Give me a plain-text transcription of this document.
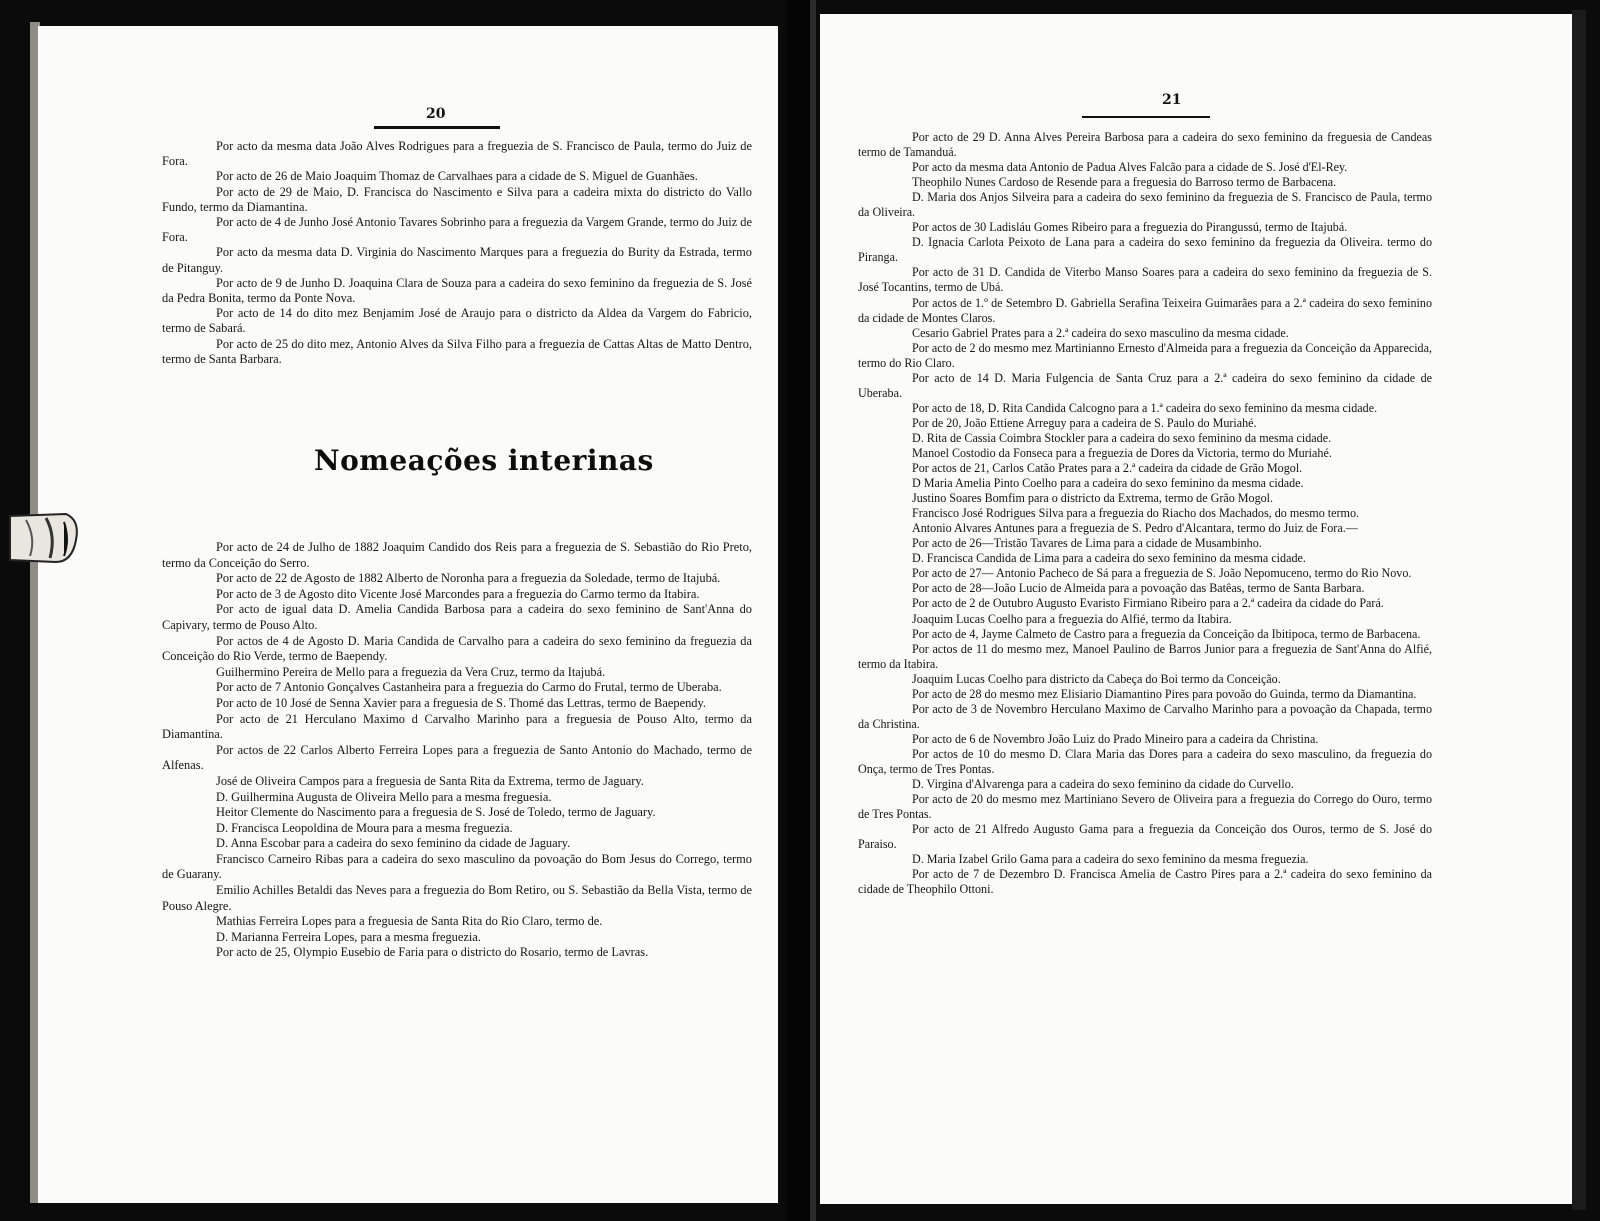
20

Por acto da mesma data João Alves Rodrigues para a freguezia de S. Francisco de Paula, termo do Juiz de Fora.

Por acto de 26 de Maio Joaquim Thomaz de Carvalhaes para a cidade de S. Miguel de Guanhães.

Por acto de 29 de Maio, D. Francisca do Nascimento e Silva para a cadeira mixta do districto do Vallo Fundo, termo da Diamantina.

Por acto de 4 de Junho José Antonio Tavares Sobrinho para a freguezia da Vargem Grande, termo do Juiz de Fora.

Por acto da mesma data D. Virginia do Nascimento Marques para a freguezia do Burity da Estrada, termo de Pitanguy.

Por acto de 9 de Junho D. Joaquina Clara de Souza para a cadeira do sexo feminino da freguezia de S. José da Pedra Bonita, termo da Ponte Nova.

Por acto de 14 do dito mez Benjamim José de Araujo para o districto da Aldea da Vargem do Fabricio, termo de Sabará.

Por acto de 25 do dito mez, Antonio Alves da Silva Filho para a freguezia de Cattas Altas de Matto Dentro, termo de Santa Barbara.

Nomeações interinas

Por acto de 24 de Julho de 1882 Joaquim Candido dos Reis para a freguezia de S. Sebastião do Rio Preto, termo da Conceição do Serro.

Por acto de 22 de Agosto de 1882 Alberto de Noronha para a freguezia da Soledade, termo de Itajubá.

Por acto de 3 de Agosto dito Vicente José Marcondes para a freguezia do Carmo termo da Itabira.

Por acto de igual data D. Amelia Candida Barbosa para a cadeira do sexo feminino de Sant'Anna do Capivary, termo de Pouso Alto.

Por actos de 4 de Agosto D. Maria Candida de Carvalho para a cadeira do sexo feminino da freguezia da Conceição do Rio Verde, termo de Baependy.

Guilhermino Pereira de Mello para a freguezia da Vera Cruz, termo da Itajubá.

Por acto de 7 Antonio Gonçalves Castanheira para a freguezia do Carmo do Frutal, termo de Uberaba.

Por acto de 10 José de Senna Xavier para a freguesia de S. Thomé das Lettras, termo de Baependy.

Por acto de 21 Herculano Maximo d Carvalho Marinho para a freguesia de Pouso Alto, termo da Diamantina.

Por actos de 22 Carlos Alberto Ferreira Lopes para a freguezia de Santo Antonio do Machado, termo de Alfenas.

José de Oliveira Campos para a freguesia de Santa Rita da Extrema, termo de Jaguary.

D. Guilhermina Augusta de Oliveira Mello para a mesma freguesia.

Heitor Clemente do Nascimento para a freguesia de S. José de Toledo, termo de Jaguary.

D. Francisca Leopoldina de Moura para a mesma freguezia.

D. Anna Escobar para a cadeira do sexo feminino da cidade de Jaguary.

Francisco Carneiro Ribas para a cadeira do sexo masculino da povoação do Bom Jesus do Corrego, termo de Guarany.

Emilio Achilles Betaldi das Neves para a freguezia do Bom Retiro, ou S. Sebastião da Bella Vista, termo de Pouso Alegre.

Mathias Ferreira Lopes para a freguesia de Santa Rita do Rio Claro, termo de.

D. Marianna Ferreira Lopes, para a mesma freguezia.

Por acto de 25, Olympio Eusebio de Faria para o districto do Rosario, termo de Lavras.

21

Por acto de 29 D. Anna Alves Pereira Barbosa para a cadeira do sexo feminino da freguesia de Candeas termo de Tamanduá.

Por acto da mesma data Antonio de Padua Alves Falcão para a cidade de S. José d'El-Rey.

Theophilo Nunes Cardoso de Resende para a freguesia do Barroso termo de Barbacena.

D. Maria dos Anjos Silveira para a cadeira do sexo feminino da freguezia de S. Francisco de Paula, termo da Oliveira.

Por actos de 30 Ladisláu Gomes Ribeiro para a freguezia do Pirangussú, termo de Itajubá.

D. Ignacia Carlota Peixoto de Lana para a cadeira do sexo feminino da freguezia da Oliveira. termo do Piranga.

Por acto de 31 D. Candida de Viterbo Manso Soares para a cadeira do sexo feminino da freguezia de S. José Tocantins, termo de Ubá.

Por actos de 1.º de Setembro D. Gabriella Serafina Teixeira Guimarães para a 2.ª cadeira do sexo feminino da cidade de Montes Claros.

Cesario Gabriel Prates para a 2.ª cadeira do sexo masculino da mesma cidade.

Por acto de 2 do mesmo mez Martinianno Ernesto d'Almeida para a freguezia da Conceição da Apparecida, termo do Rio Claro.

Por acto de 14 D. Maria Fulgencia de Santa Cruz para a 2.ª cadeira do sexo feminino da cidade de Uberaba.

Por acto de 18, D. Rita Candida Calcogno para a 1.ª cadeira do sexo feminino da mesma cidade.

Por de 20, João Ettiene Arreguy para a cadeira de S. Paulo do Muriahé.

D. Rita de Cassia Coimbra Stockler para a cadeira do sexo feminino da mesma cidade.

Manoel Costodio da Fonseca para a freguezia de Dores da Victoria, termo do Muriahé.

Por actos de 21, Carlos Catão Prates para a 2.ª cadeira da cidade de Grão Mogol.

D Maria Amelia Pinto Coelho para a cadeira do sexo feminino da mesma cidade.

Justino Soares Bomfim para o districto da Extrema, termo de Grão Mogol.

Francisco José Rodrigues Silva para a freguezia do Riacho dos Machados, do mesmo termo.

Antonio Alvares Antunes para a freguezia de S. Pedro d'Alcantara, termo do Juiz de Fora.—

Por acto de 26—Tristão Tavares de Lima para a cidade de Musambinho.

D. Francisca Candida de Lima para a cadeira do sexo feminino da mesma cidade.

Por acto de 27— Antonio Pacheco de Sá para a freguezia de S. João Nepomuceno, termo do Rio Novo.

Por acto de 28—João Lucio de Almeida para a povoação das Batêas, termo de Santa Barbara.

Por acto de 2 de Outubro Augusto Evaristo Firmiano Ribeiro para a 2.ª cadeira da cidade do Pará.

Joaquim Lucas Coelho para a freguezia do Alfié, termo da Itabira.

Por acto de 4, Jayme Calmeto de Castro para a freguezia da Conceição da Ibitipoca, termo de Barbacena.

Por actos de 11 do mesmo mez, Manoel Paulino de Barros Junior para a freguezia de Sant'Anna do Alfié, termo da Itabira.

Joaquim Lucas Coelho para districto da Cabeça do Boi termo da Conceição.

Por acto de 28 do mesmo mez Elisiario Diamantino Pires para povoão do Guinda, termo da Diamantina.

Por acto de 3 de Novembro Herculano Maximo de Carvalho Marinho para a povoação da Chapada, termo da Christina.

Por acto de 6 de Novembro João Luiz do Prado Mineiro para a cadeira da Christina.

Por actos de 10 do mesmo D. Clara Maria das Dores para a cadeira do sexo masculino, da freguezia do Onça, termo de Tres Pontas.

D. Virgina d'Alvarenga para a cadeira do sexo feminino da cidade do Curvello.

Por acto de 20 do mesmo mez Martiniano Severo de Oliveira para a freguezia do Corrego do Ouro, termo de Tres Pontas.

Por acto de 21 Alfredo Augusto Gama para a freguezia da Conceição dos Ouros, termo de S. José do Paraiso.

D. Maria Izabel Grilo Gama para a cadeira do sexo feminino da mesma freguezia.

Por acto de 7 de Dezembro D. Francisca Amelia de Castro Pires para a 2.ª cadeira do sexo feminino da cidade de Theophilo Ottoni.
